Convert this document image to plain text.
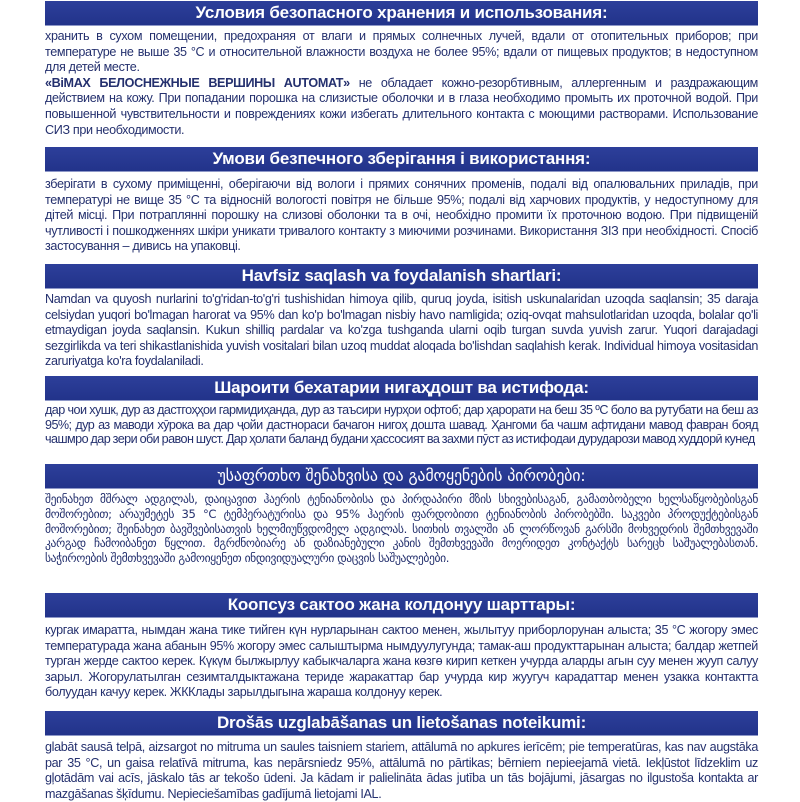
Условия безопасного хранения и использования:
хранить в сухом помещении, предохраняя от влаги и прямых солнечных лучей, вдали от отопительных приборов; при температуре не выше 35 °С и относительной влажности воздуха не более 95%; вдали от пищевых продуктов; в недоступном для детей месте.
«BiMAX БЕЛОСНЕЖНЫЕ ВЕРШИНЫ AUTOMAT» не обладает кожно-резорбтивным, аллергенным и раздражающим действием на кожу. При попадании порошка на слизистые оболочки и в глаза необходимо промыть их проточной водой. При повышенной чувствительности и повреждениях кожи избегать длительного контакта с моющими растворами. Использование СИЗ при необходимости.
Умови безпечного зберігання і використання:
зберігати в сухому приміщенні, оберігаючи від вологи і прямих сонячних променів, подалі від опалювальних приладів, при температурі не вище 35 °С та відносній вологості повітря не більше 95%; подалі від харчових продуктів, у недоступному для дітей місці. При потраплянні порошку на слизові оболонки та в очі, необхідно промити їх проточною водою. При підвищеній чутливості і пошкодженнях шкіри уникати тривалого контакту з миючими розчинами. Використання ЗІЗ при необхідності. Спосіб застосування – дивись на упаковці.
Havfsiz saqlash va foydalanish shartlari:
Namdan va quyosh nurlarini to'g'ridan-to'g'ri tushishidan himoya qilib, quruq joyda, isitish uskunalaridan uzoqda saqlansin; 35 daraja celsiydan yuqori bo'lmagan harorat va 95% dan ko'p bo'lmagan nisbiy havo namligida; oziq-ovqat mahsulotlaridan uzoqda, bolalar qo'li etmaydigan joyda saqlansin. Kukun shilliq pardalar va ko'zga tushganda ularni oqib turgan suvda yuvish zarur. Yuqori darajadagi sezgirlikda va teri shikastlanishida yuvish vositalari bilan uzoq muddat aloqada bo'lishdan saqlahish kerak. Individual himoya vositasidan zaruriyatga ko'ra foydalaniladi.
Шароити бехатарии нигаҳдошт ва истифода:
дар чои хушк, дур аз дастгоҳҳои гармидиҳанда, дур аз таъсири нурҳои офтоб; дар ҳарорати на беш 35 ºС боло ва рутубати на беш аз 95%; дур аз маводи хӯрока ва дар ҷойи дастнораси бачагон нигоҳ дошта шавад. Ҳангоми ба чашм афтидани мавод фавран бояд чашмро дар зери оби равон шуст. Дар ҳолати баланд будани ҳассосият ва захми пӯст аз истифодаи дурударози мавод худдорӣ кунед
უსაფრთხო შენახვისა და გამოყენების პირობები:
შეინახეთ მშრალ ადგილას, დაიცავით ჰაერის ტენიანობისა და პირდაპირი მზის სხივებისაგან, გამათბობელი ხელსაწყობებისგან მოშორებით; არაუმეტეს 35 °C ტემპერატურისა და 95% ჰაერის ფარდობითი ტენიანობის პირობებში. საკვები პროდუქტებისგან მოშორებით; შეინახეთ ბავშვებისათვის ხელმიუწვდომელ ადგილას. სითხის თვალში ან ლორწოვან გარსში მოხვედრის შემთხვევაში კარგად ჩამოიბანეთ წყლით. მგრძნობიარე ან დაზიანებული კანის შემთხვევაში მოერიდეთ კონტაქტს სარეცხ საშუალებასთან. საჭიროების შემთხვევაში გამოიყენეთ ინდივიდუალური დაცვის საშუალებები.
Коопсуз сактоо жана колдонуу шарттары:
кургак имаратта, нымдан жана тике тийген күн нурларынан сактоо менен, жылытуу приборлорунан алыста; 35 °С жогору эмес температурада жана абанын 95% жогору эмес салыштырма нымдуулугунда; тамак-аш продукттарынан алыста; балдар жетпей турган жерде сактоо керек. Күкүм былжырлуу кабыкчаларга жана көзгө кирип кеткен учурда аларды агын суу менен жууп салуу зарыл. Жогорулатылган сезимталдыктажана териде жаракаттар бар учурда кир жуугуч карадаттар менен узакка контактта болуудан качуу керек. ЖККлады зарылдыгына жараша колдонуу керек.
Drošās uzglabāšanas un lietošanas noteikumi:
glabāt sausā telpā, aizsargot no mitruma un saules taisniem stariem, attālumā no apkures ierīcēm; pie temperatūras, kas nav augstāka par 35 °C, un gaisa relatīvā mitruma, kas nepārsniedz 95%, attālumā no pārtikas; bērniem nepieejamā vietā. Iekļūstot līdzeklim uz gļotādām vai acīs, jāskalo tās ar tekošo ūdeni. Ja kādam ir palielināta ādas jutība un tās bojājumi, jāsargas no ilgustoša kontakta ar mazgāšanas šķīdumu. Nepieciešamības gadījumā lietojami IAL.
